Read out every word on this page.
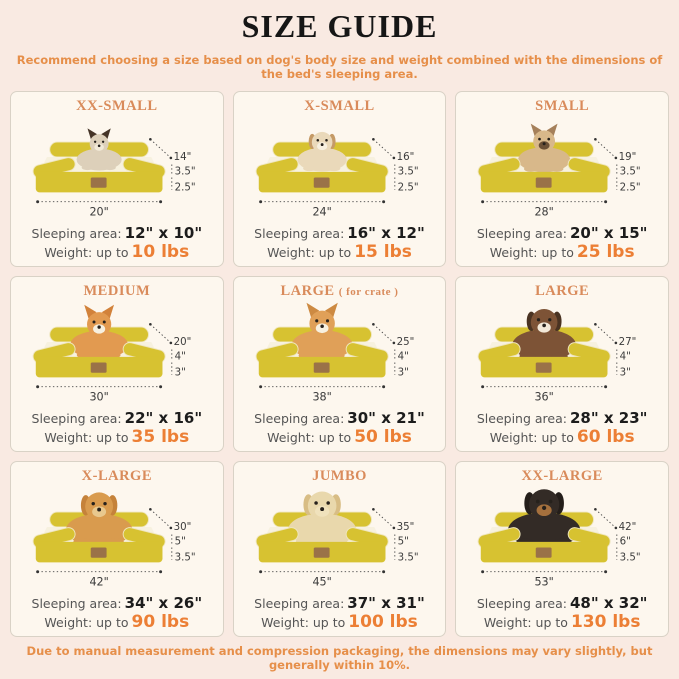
SIZE GUIDE

Recommend choosing a size based on dog's body size and weight combined with the dimensions of the bed's sleeping area.

XX-SMALL
14"
3.5"
2.5"
20"
Sleeping area: 12" x 10"
Weight: up to 10 lbs
X-SMALL
16"
3.5"
2.5"
24"
Sleeping area: 16" x 12"
Weight: up to 15 lbs
SMALL
19"
3.5"
2.5"
28"
Sleeping area: 20" x 15"
Weight: up to 25 lbs
MEDIUM
20"
4"
3"
30"
Sleeping area: 22" x 16"
Weight: up to 35 lbs
LARGE ( for crate )
25"
4"
3"
38"
Sleeping area: 30" x 21"
Weight: up to 50 lbs
LARGE
27"
4"
3"
36"
Sleeping area: 28" x 23"
Weight: up to 60 lbs
X-LARGE
30"
5"
3.5"
42"
Sleeping area: 34" x 26"
Weight: up to 90 lbs
JUMBO
35"
5"
3.5"
45"
Sleeping area: 37" x 31"
Weight: up to 100 lbs
XX-LARGE
42"
6"
3.5"
53"
Sleeping area: 48" x 32"
Weight: up to 130 lbs

Due to manual measurement and compression packaging, the dimensions may vary slightly, but generally within 10%.
